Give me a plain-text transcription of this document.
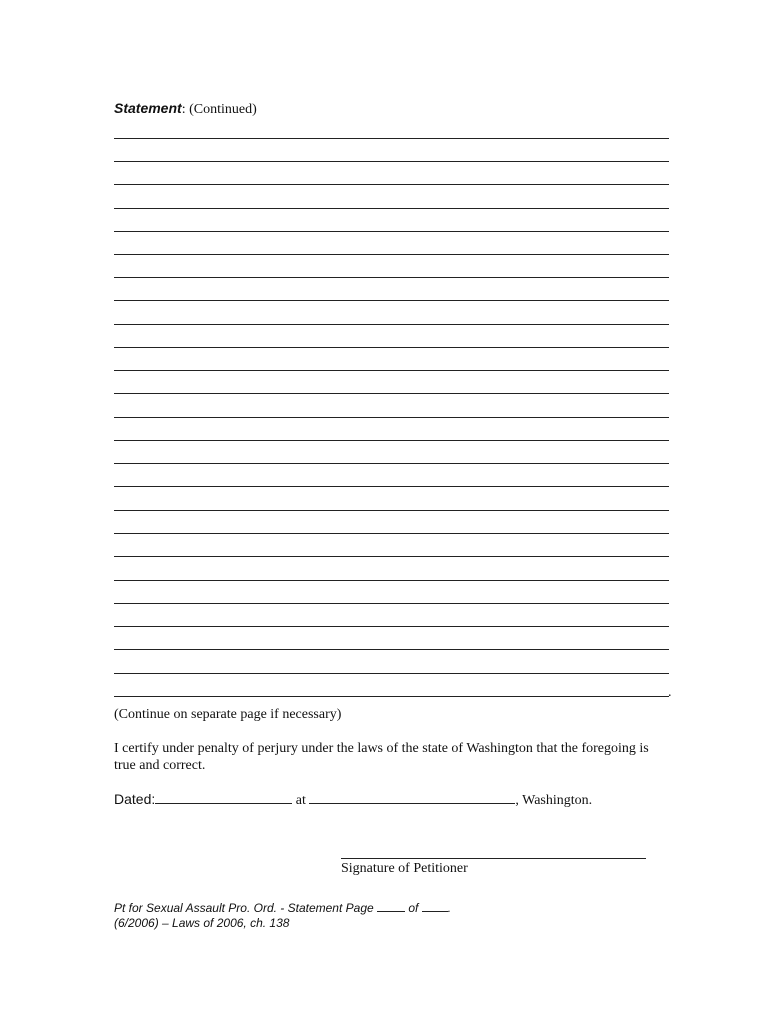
Statement: (Continued)
.
(Continue on separate page if necessary)
I certify under penalty of perjury under the laws of the state of Washington that the foregoing is true and correct.
Dated:	at	, Washington.
Signature of Petitioner
Pt for Sexual Assault Pro. Ord. - Statement Page	of .
(6/2006) – Laws of 2006, ch. 138
